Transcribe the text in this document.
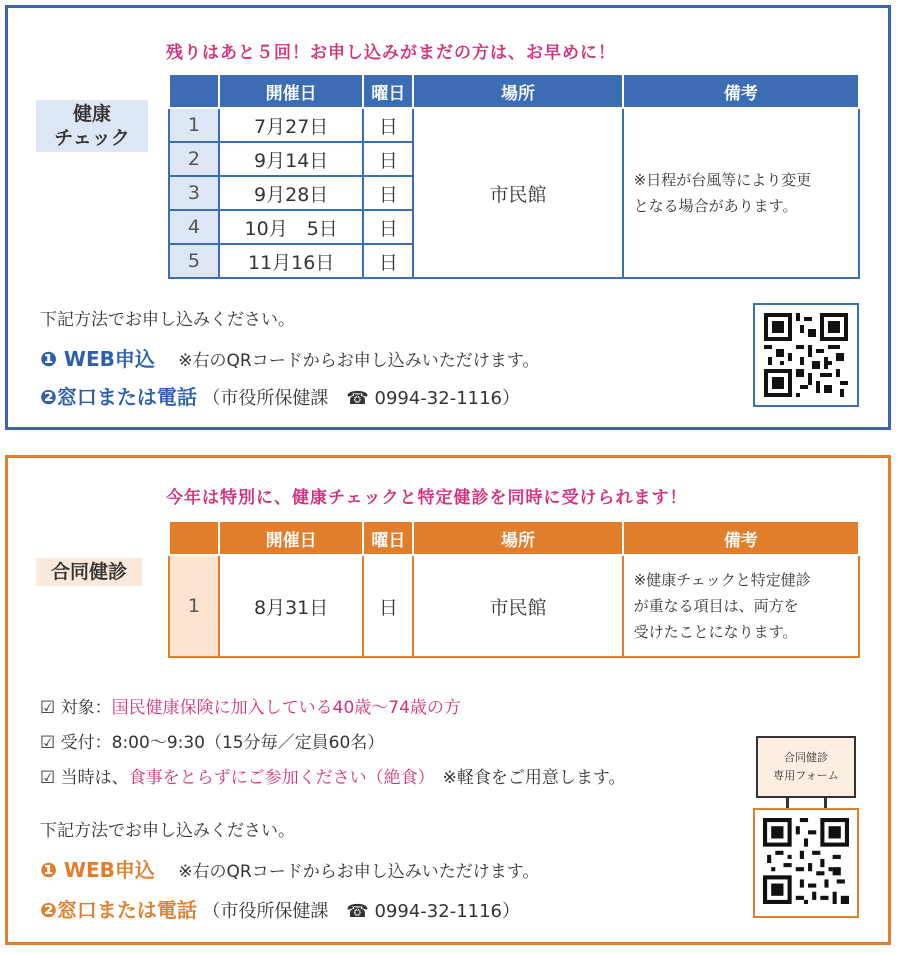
残りはあと５回！お申し込みがまだの方は、お早めに！
健康
チェック
	開催日	曜日	場所	備考
1	7月27日	日	市民館	※日程が台風等により変更
となる場合があります。

2	9月14日	日		
3	9月28日	日		
4	10月　5日	日		
5	11月16日	日		
下記方法でお申し込みください。
❶ WEB申込 ※右のQRコードからお申し込みいただけます。
❷窓口または電話 （市役所保健課　☎ 0994-32-1116）
今年は特別に、健康チェックと特定健診を同時に受けられます！
合同健診
	開催日	曜日	場所	備考
1	8月31日	日	市民館	※健康チェックと特定健診
が重なる項目は、両方を
受けたことになります。
☑ 対象：国民健康保険に加入している40歳～74歳の方
☑ 受付：8:00～9:30（15分毎／定員60名）
☑ 当時は、食事をとらずにご参加ください（絶食） ※軽食をご用意します。
合同健診
専用フォーム
下記方法でお申し込みください。
❶ WEB申込 ※右のQRコードからお申し込みいただけます。
❷窓口または電話 （市役所保健課　☎ 0994-32-1116）
